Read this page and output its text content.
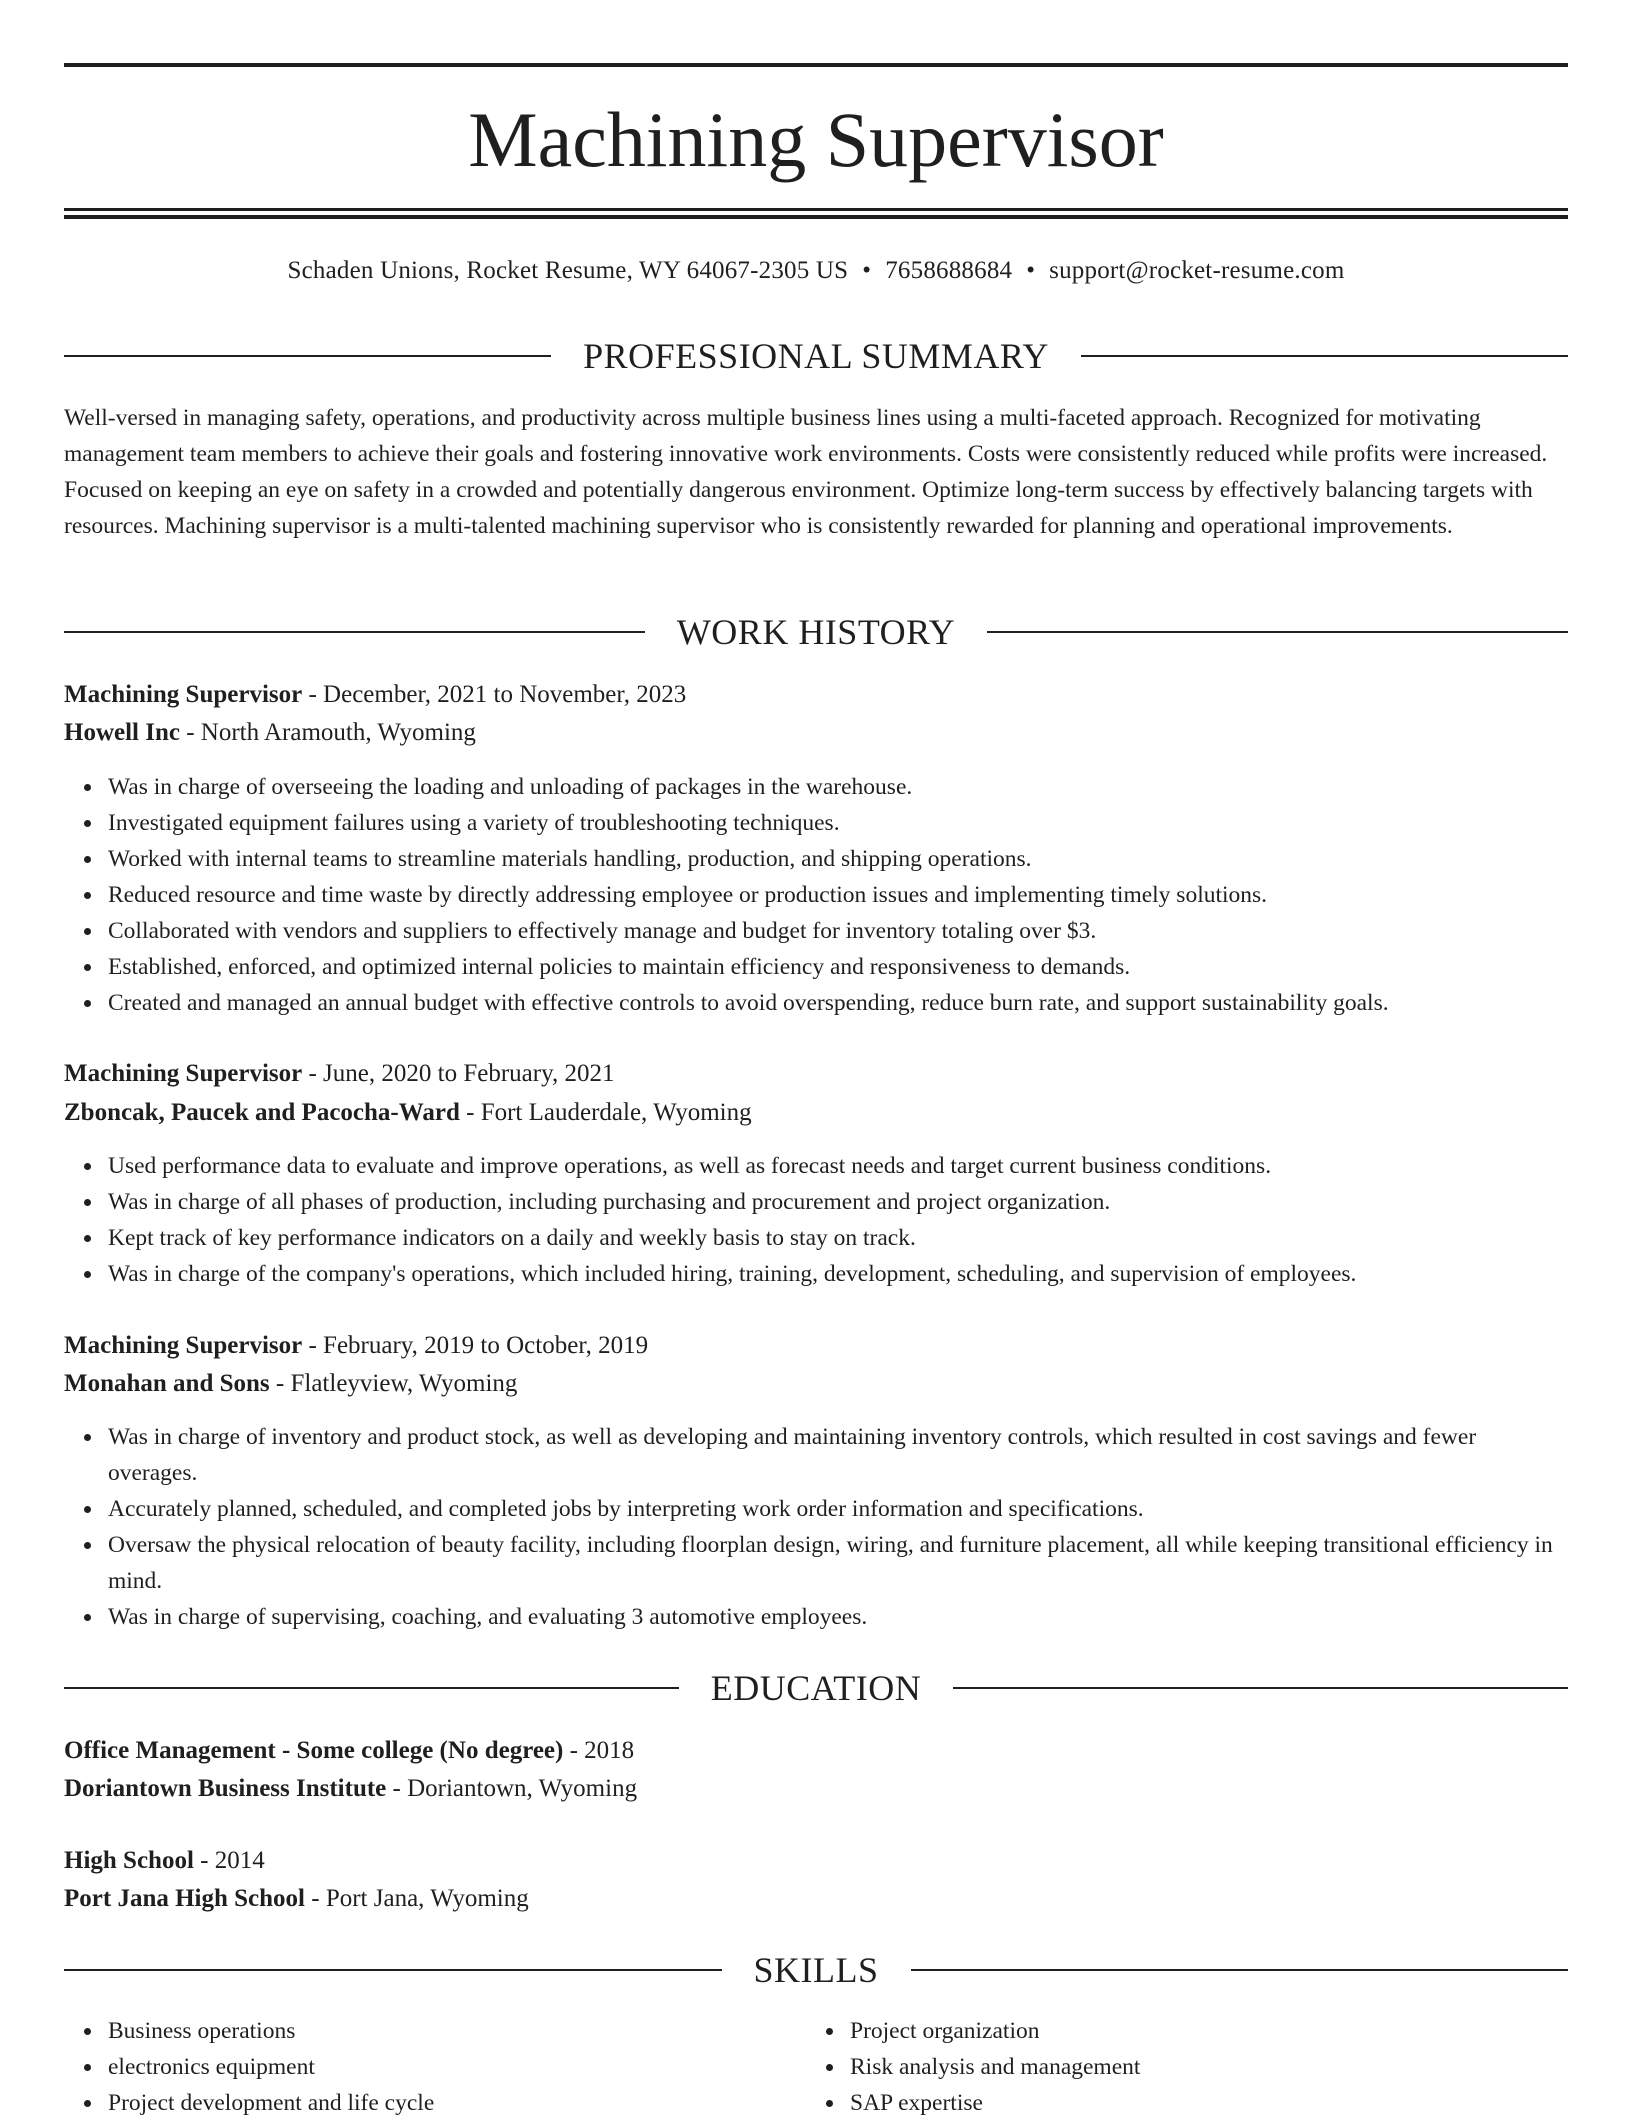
Machining Supervisor
Schaden Unions, Rocket Resume, WY 64067-2305 US • 7658688684 • support@rocket-resume.com
PROFESSIONAL SUMMARY

Well-versed in managing safety, operations, and productivity across multiple business lines using a multi-faceted approach. Recognized for motivating management team members to achieve their goals and fostering innovative work environments. Costs were consistently reduced while profits were increased. Focused on keeping an eye on safety in a crowded and potentially dangerous environment. Optimize long-term success by effectively balancing targets with resources. Machining supervisor is a multi-talented machining supervisor who is consistently rewarded for planning and operational improvements.

WORK HISTORY
Machining Supervisor - December, 2021 to November, 2023
Howell Inc - North Aramouth, Wyoming
Was in charge of overseeing the loading and unloading of packages in the warehouse.
Investigated equipment failures using a variety of troubleshooting techniques.
Worked with internal teams to streamline materials handling, production, and shipping operations.
Reduced resource and time waste by directly addressing employee or production issues and implementing timely solutions.
Collaborated with vendors and suppliers to effectively manage and budget for inventory totaling over $3.
Established, enforced, and optimized internal policies to maintain efficiency and responsiveness to demands.
Created and managed an annual budget with effective controls to avoid overspending, reduce burn rate, and support sustainability goals.
Machining Supervisor - June, 2020 to February, 2021
Zboncak, Paucek and Pacocha-Ward - Fort Lauderdale, Wyoming
Used performance data to evaluate and improve operations, as well as forecast needs and target current business conditions.
Was in charge of all phases of production, including purchasing and procurement and project organization.
Kept track of key performance indicators on a daily and weekly basis to stay on track.
Was in charge of the company's operations, which included hiring, training, development, scheduling, and supervision of employees.
Machining Supervisor - February, 2019 to October, 2019
Monahan and Sons - Flatleyview, Wyoming
Was in charge of inventory and product stock, as well as developing and maintaining inventory controls, which resulted in cost savings and fewer overages.
Accurately planned, scheduled, and completed jobs by interpreting work order information and specifications.
Oversaw the physical relocation of beauty facility, including floorplan design, wiring, and furniture placement, all while keeping transitional efficiency in mind.
Was in charge of supervising, coaching, and evaluating 3 automotive employees.
EDUCATION
Office Management - Some college (No degree) - 2018
Doriantown Business Institute - Doriantown, Wyoming
High School - 2014
Port Jana High School - Port Jana, Wyoming
SKILLS
Business operations
electronics equipment
Project development and life cycle
Project organization
Risk analysis and management
SAP expertise
